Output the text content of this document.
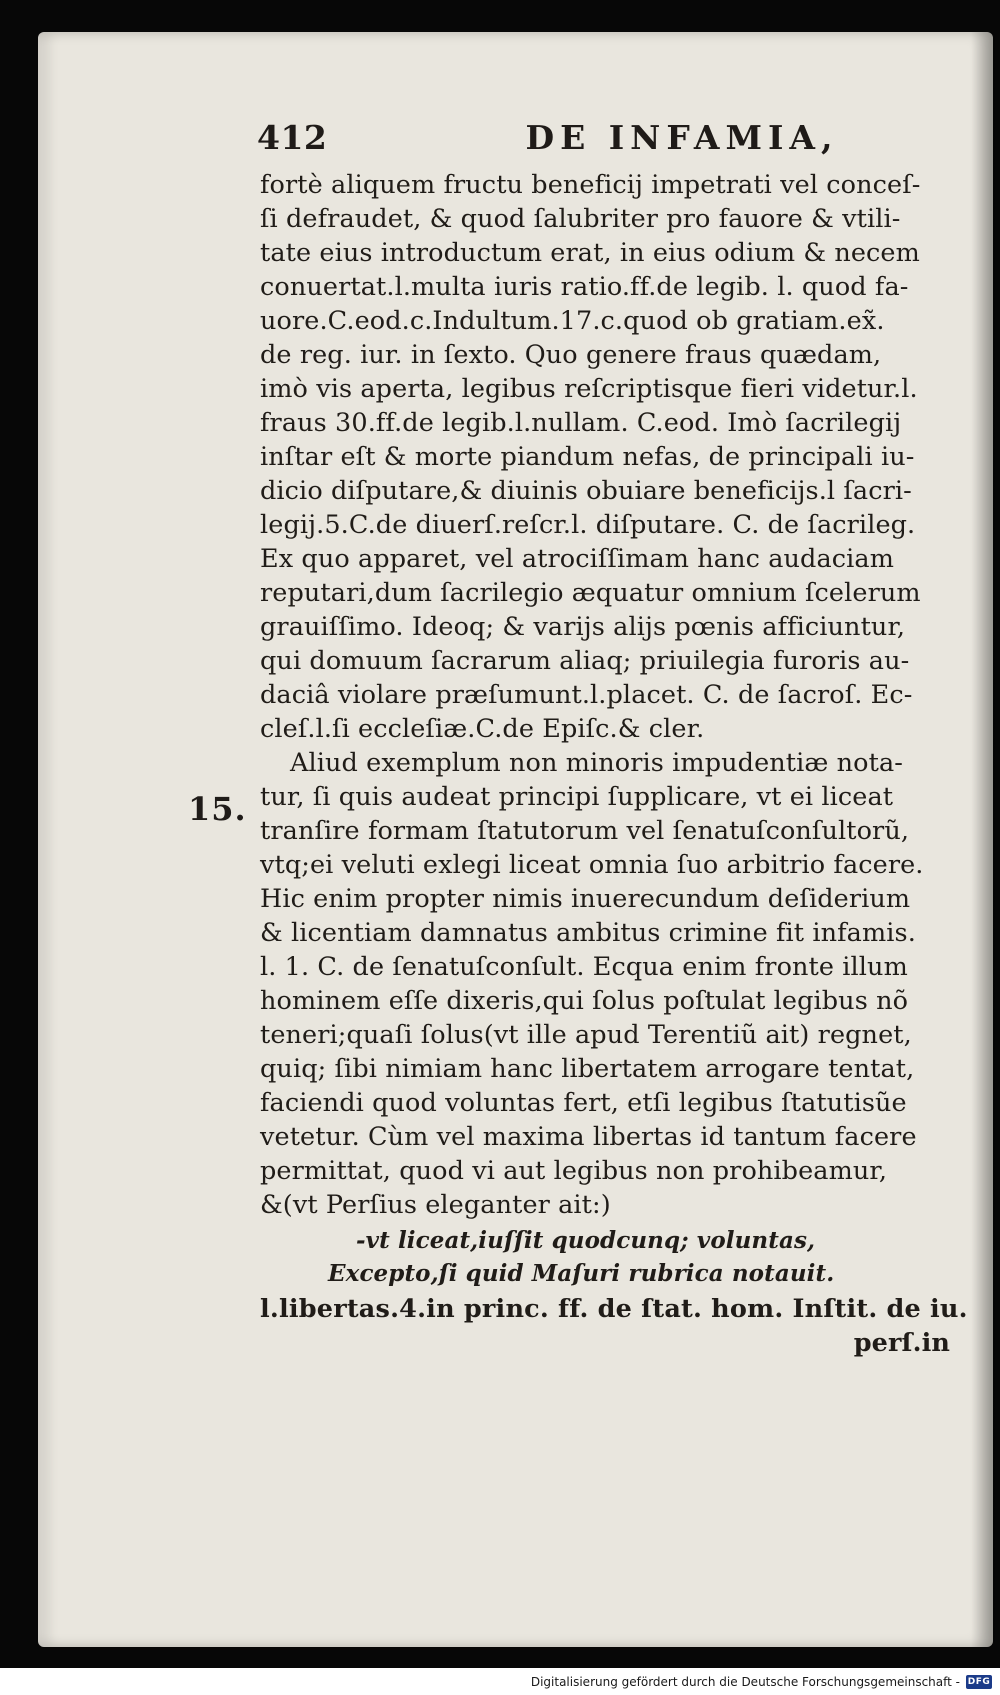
412	DE INFAMIA,
15.
fortè aliquem fructu beneficij impetrati vel conceſ-
ſi defraudet, & quod ſalubriter pro fauore & vtili-
tate eius introductum erat, in eius odium & necem
conuertat.l.multa iuris ratio.ff.de legib. l. quod fa-
uore.C.eod.c.Indultum.17.c.quod ob gratiam.ex̃.
de reg. iur. in ſexto. Quo genere fraus quædam,
imò vis aperta, legibus reſcriptisque fieri videtur.l.
fraus 30.ff.de legib.l.nullam. C.eod. Imò ſacrilegij
inſtar eſt & morte piandum nefas, de principali iu-
dicio diſputare,& diuinis obuiare beneficijs.l ſacri-
legij.5.C.de diuerſ.reſcr.l. diſputare. C. de ſacrileg.
Ex quo apparet, vel atrociſſimam hanc audaciam
reputari,dum ſacrilegio æquatur omnium ſcelerum
grauiſſimo. Ideoq; & varijs alijs pœnis afficiuntur,
qui domuum ſacrarum aliaq; priuilegia furoris au-
daciâ violare præſumunt.l.placet. C. de ſacroſ. Ec-
cleſ.l.ſi eccleſiæ.C.de Epiſc.& cler.
Aliud exemplum non minoris impudentiæ nota-
tur, ſi quis audeat principi ſupplicare, vt ei liceat
tranſire formam ſtatutorum vel ſenatuſconſultorũ,
vtq;ei veluti exlegi liceat omnia ſuo arbitrio facere.
Hic enim propter nimis inuerecundum deſiderium
& licentiam damnatus ambitus crimine fit infamis.
l. 1. C. de ſenatuſconſult. Ecqua enim fronte illum
hominem eſſe dixeris,qui ſolus poſtulat legibus nõ
teneri;quaſi ſolus(vt ille apud Terentiũ ait) regnet,
quiq; ſibi nimiam hanc libertatem arrogare tentat,
faciendi quod voluntas fert, etſi legibus ſtatutisũe
vetetur. Cùm vel maxima libertas id tantum facere
permittat, quod vi aut legibus non prohibeamur,
&(vt Perſius eleganter ait:)
-vt liceat,iuſſit quodcunq; voluntas,
Excepto,ſi quid Maſuri rubrica notauit.
l.libertas.4.in princ. ff. de ſtat. hom. Inſtit. de iu.
perſ.in
Digitalisierung gefördert durch die Deutsche Forschungsgemeinschaft - DFG
